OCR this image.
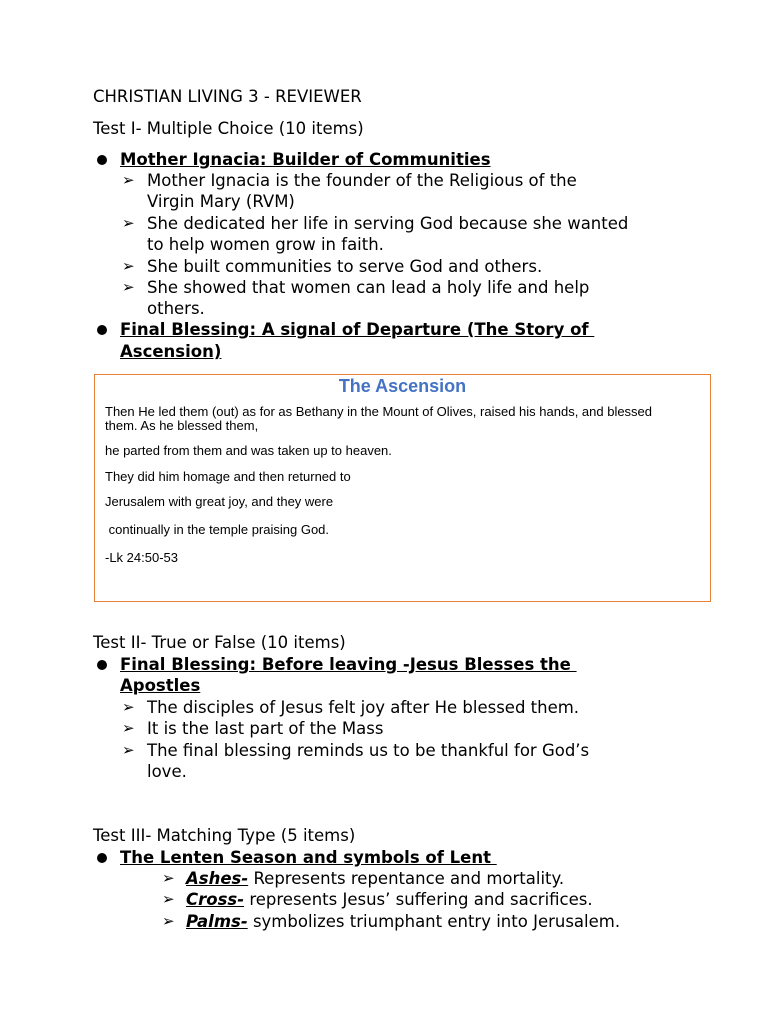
CHRISTIAN LIVING 3 - REVIEWER
Test I- Multiple Choice (10 items)
Mother Ignacia: Builder of Communities
➢ Mother Ignacia is the founder of the Religious of the
Virgin Mary (RVM)
➢ She dedicated her life in serving God because she wanted
to help women grow in faith.
➢ She built communities to serve God and others.
➢ She showed that women can lead a holy life and help
others.
Final Blessing: A signal of Departure (The Story of
Ascension)
The Ascension
Then He led them (out) as for as Bethany in the Mount of Olives, raised his hands, and blessed
them. As he blessed them,
he parted from them and was taken up to heaven.
They did him homage and then returned to
Jerusalem with great joy, and they were
continually in the temple praising God.
-Lk 24:50-53
Test II- True or False (10 items)
Final Blessing: Before leaving -Jesus Blesses the
Apostles
➢ The disciples of Jesus felt joy after He blessed them.
➢ It is the last part of the Mass
➢ The final blessing reminds us to be thankful for God’s
love.
Test III- Matching Type (5 items)
The Lenten Season and symbols of Lent
➢ Ashes- Represents repentance and mortality.
➢ Cross- represents Jesus’ suffering and sacrifices.
➢ Palms- symbolizes triumphant entry into Jerusalem.
